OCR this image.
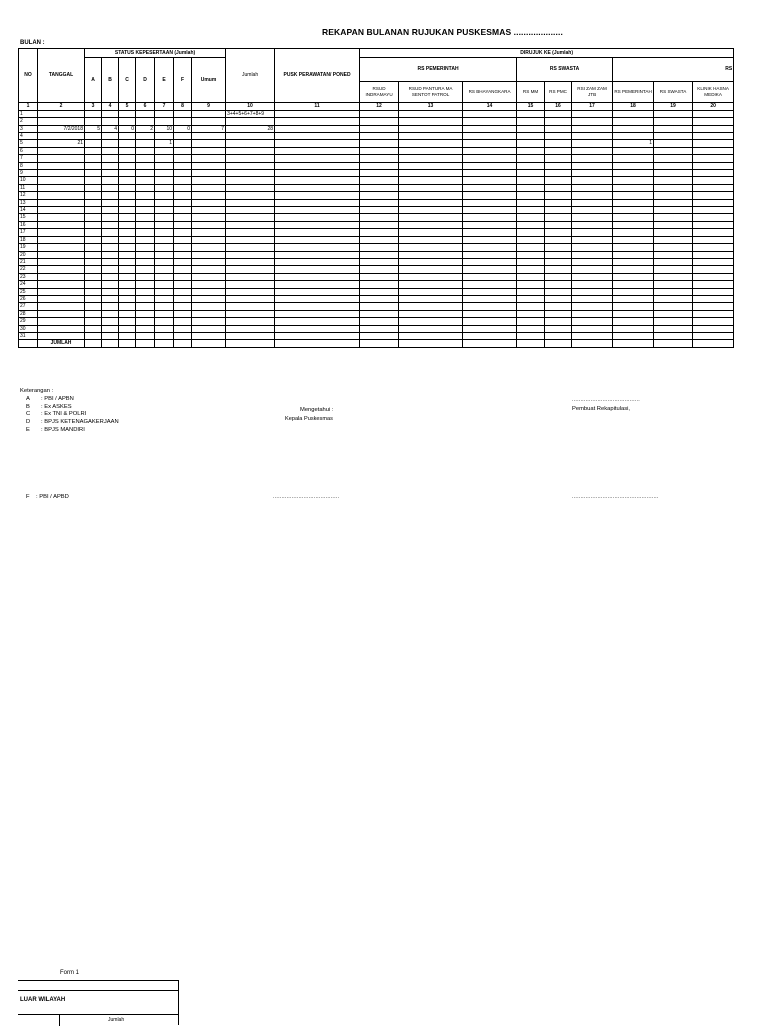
REKAPAN BULANAN RUJUKAN PUSKESMAS ....................
BULAN :
NO	TANGGAL	STATUS KEPESERTAAN (Jumlah)							Jumlah	PUSK PERAWATAN/ PONED	DIRUJUK KE (Jumlah)								
		A	B	C	D	E	F	Umum			RS PEMERINTAH			RS SWASTA			RS		
											RSUD INDRAMAYU	RSUD PANTURA MA SENTOT PATROL	RS BHAYANGKARA	RS MM	RS PMC	RSI ZAM ZAM JTB	RS PEMERINTAH	RS SWASTA	KLINIK HASNA MEDIKA
1	2	3	4	5	6	7	8	9	10	11	12	13	14	15	16	17	18	19	20
1									3+4+5+6+7+8+9										
2																			
3	7/2/2018	5	4	0	2	10	0	7	28										
4																			
5	21					1											1		
6																			
7																			
8																			
9																			
10																			
11																			
12																			
13																			
14																			
15																			
16																			
17																			
18																			
19																			
20																			
21																			
22																			
23																			
24																			
25																			
26																			
27																			
28																			
29																			
30																			
31																			
	JUMLAH																		
Keterangan :
A : PBI / APBN
B : Ex ASKES
C : Ex TNI & POLRI
D : BPJS KETENAGAKERJAAN
E : BPJS MANDIRI
F : PBI / APBD
Mengetahui :
Kepala Puskesmas
........................................
Pembuat Rekapitulasi,
.......................................	...................................................
Form 1
LUAR WILAYAH
Jumlah
